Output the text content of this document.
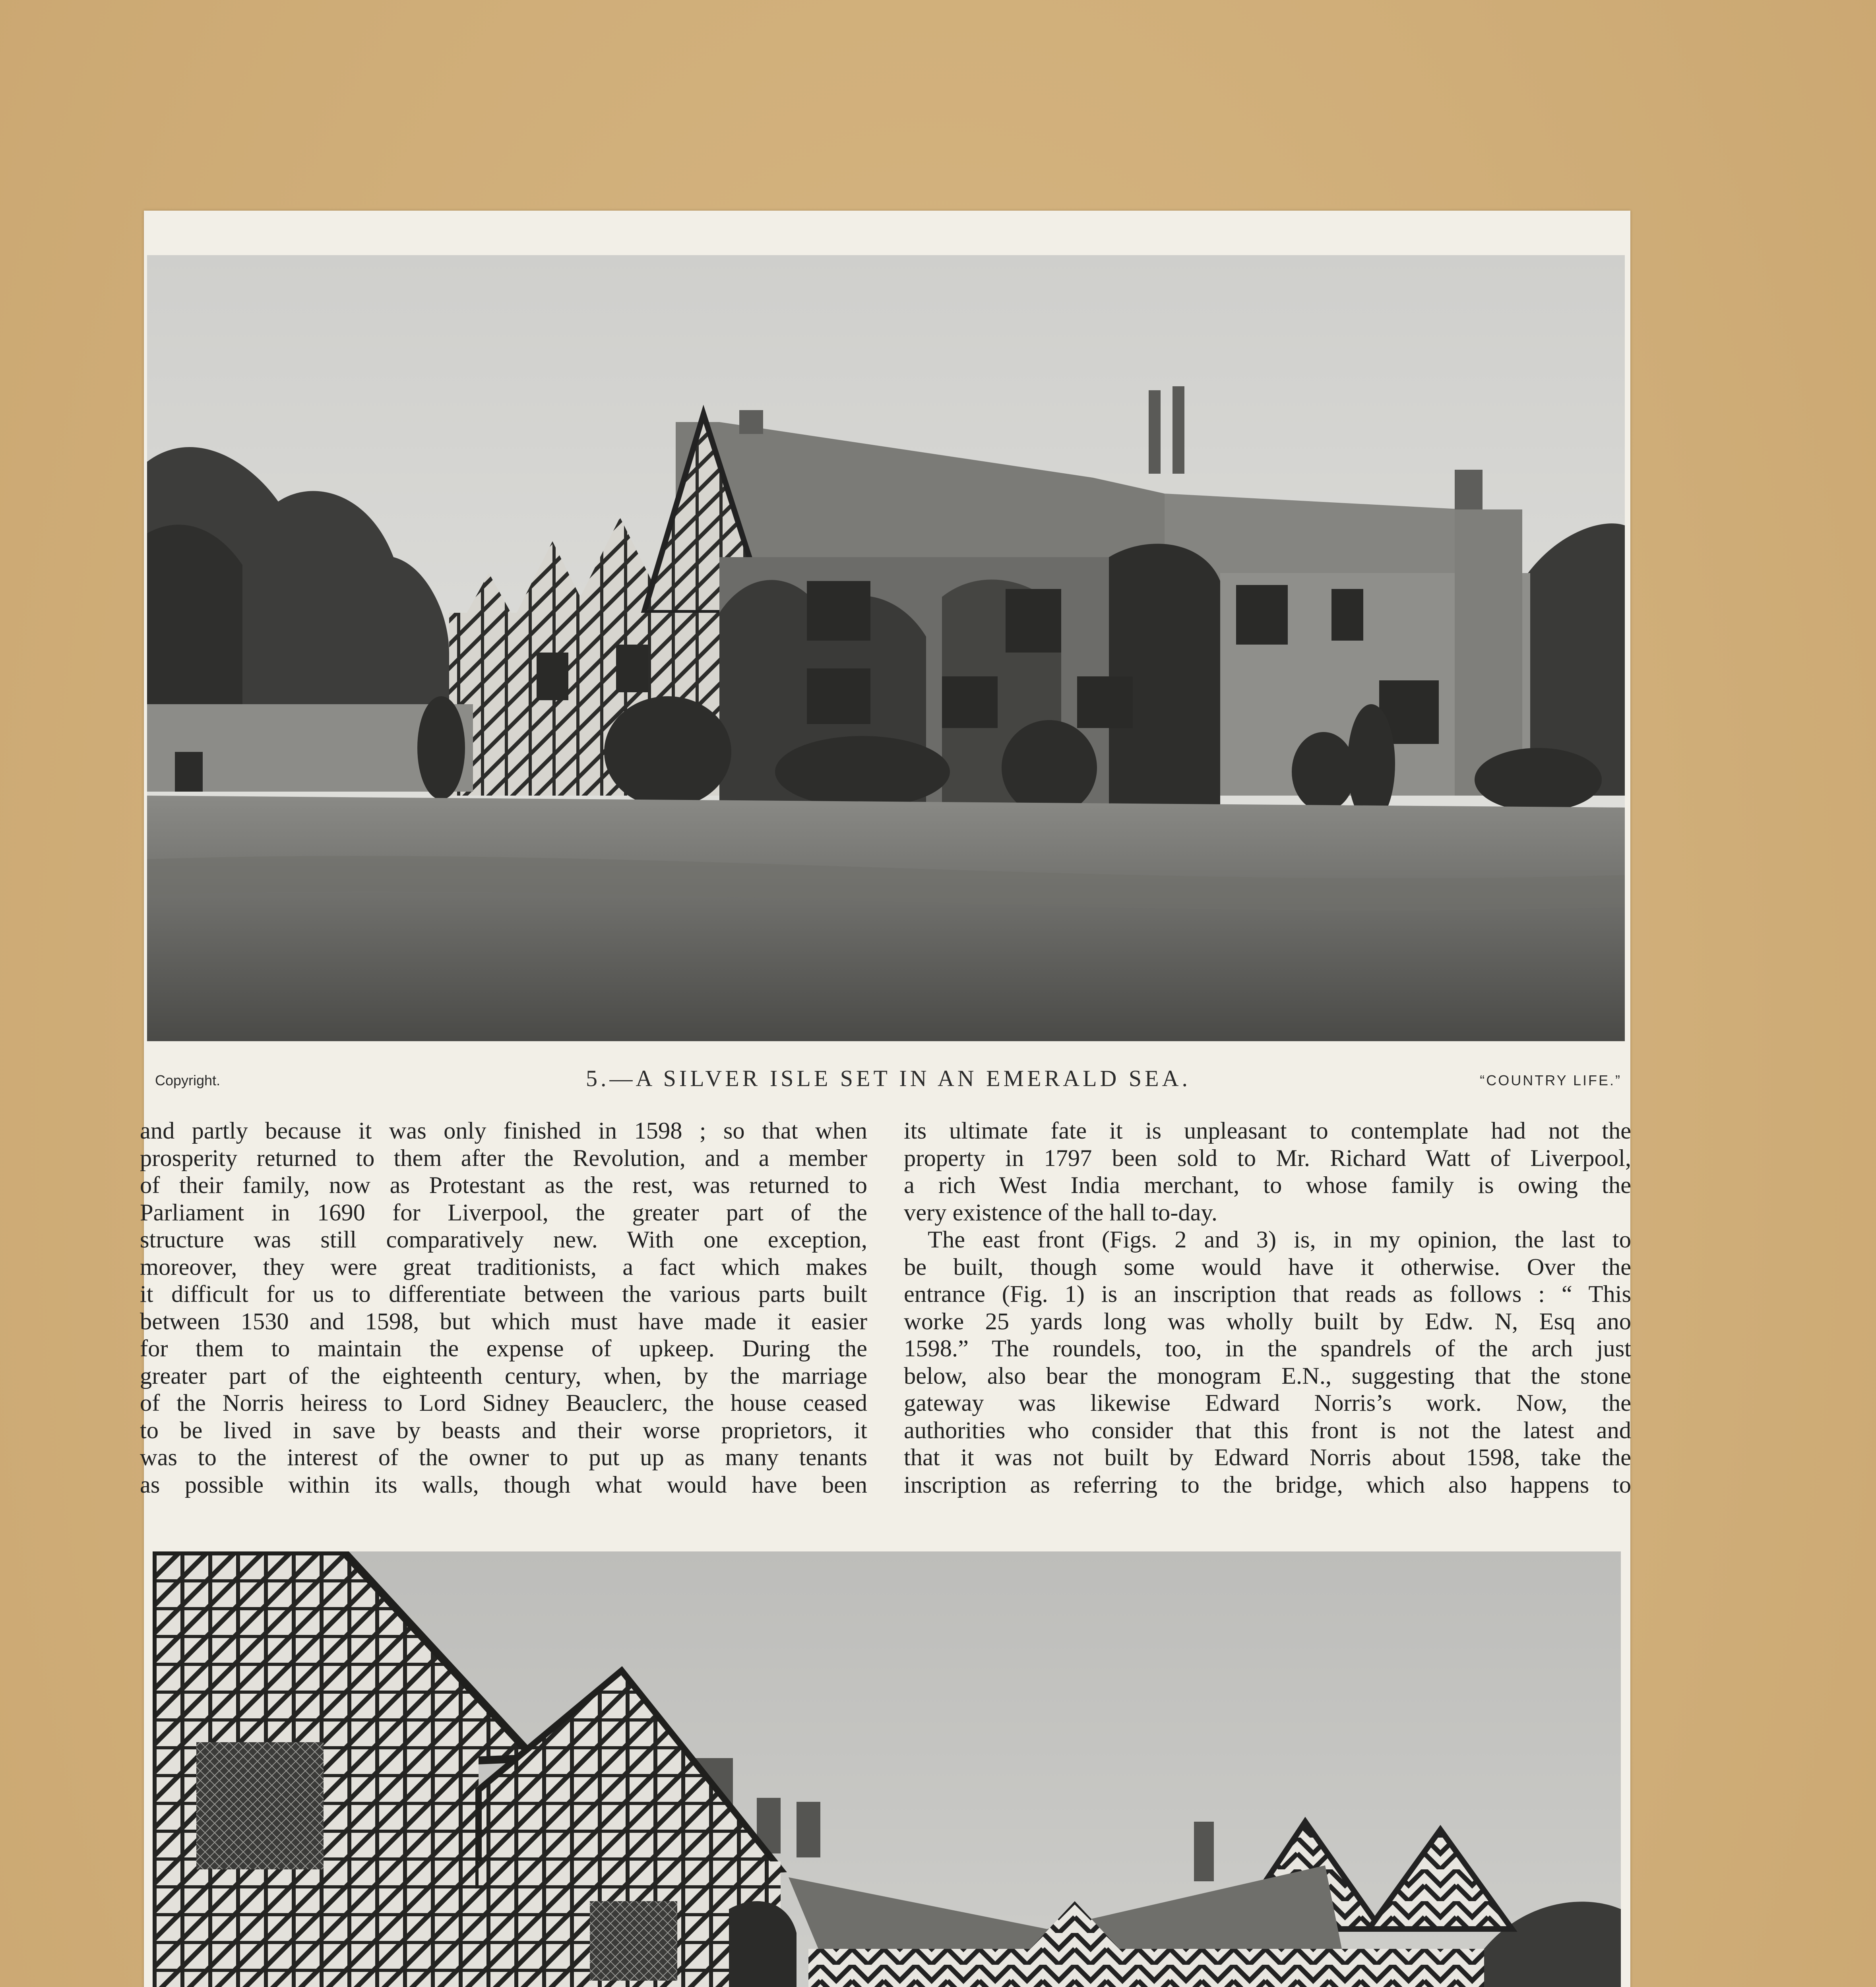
Copyright.	5.—A SILVER ISLE SET IN AN EMERALD SEA.	“COUNTRY LIFE.”
and partly because it was only finished in 1598 ; so that when
prosperity returned to them after the Revolution, and a member
of their family, now as Protestant as the rest, was returned to
Parliament in 1690 for Liverpool, the greater part of the
structure was still comparatively new. With one exception,
moreover, they were great traditionists, a fact which makes
it difficult for us to differentiate between the various parts built
between 1530 and 1598, but which must have made it easier
for them to maintain the expense of upkeep. During the
greater part of the eighteenth century, when, by the marriage
of the Norris heiress to Lord Sidney Beauclerc, the house ceased
to be lived in save by beasts and their worse proprietors, it
was to the interest of the owner to put up as many tenants
as possible within its walls, though what would have been
its ultimate fate it is unpleasant to contemplate had not the
property in 1797 been sold to Mr. Richard Watt of Liverpool,
a rich West India merchant, to whose family is owing the
very existence of the hall to-day.
The east front (Figs. 2 and 3) is, in my opinion, the last to
be built, though some would have it otherwise. Over the
entrance (Fig. 1) is an inscription that reads as follows : “ This
worke 25 yards long was wholly built by Edw. N, Esq ano
1598.” The roundels, too, in the spandrels of the arch just
below, also bear the monogram E.N., suggesting that the stone
gateway was likewise Edward Norris’s work. Now, the
authorities who consider that this front is not the latest and
that it was not built by Edward Norris about 1598, take the
inscription as referring to the bridge, which also happens to
